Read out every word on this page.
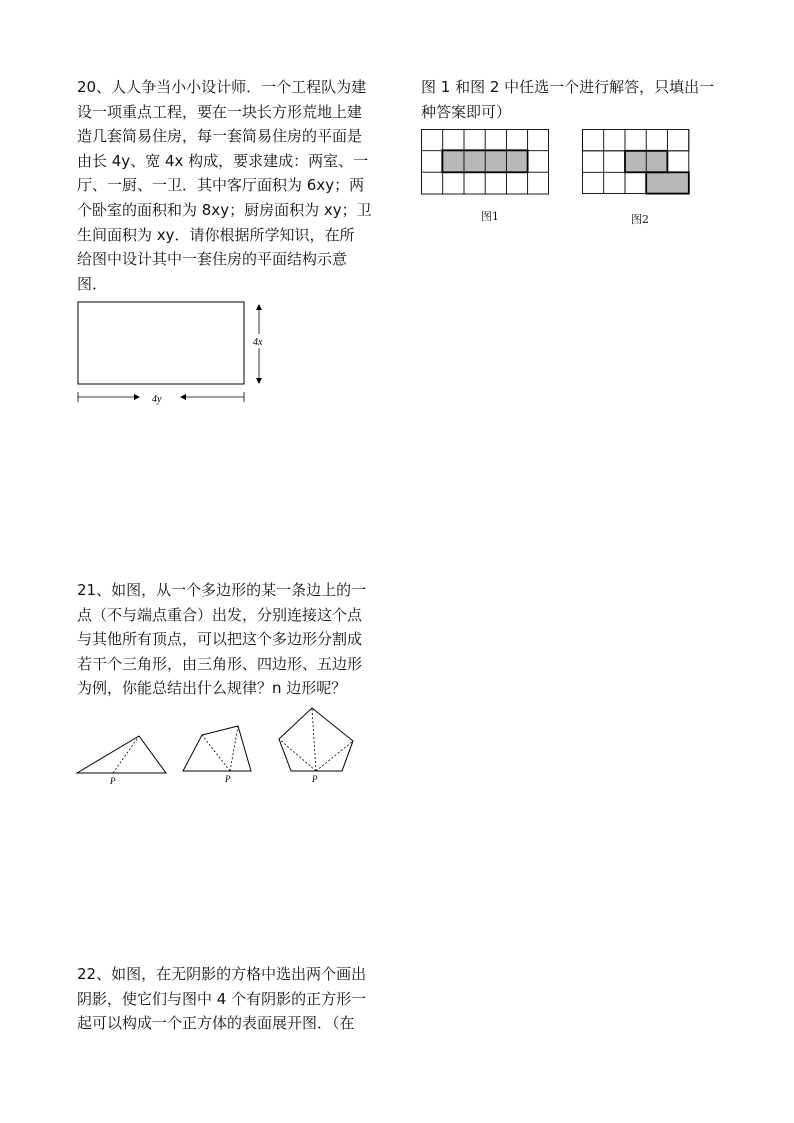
20、人人争当小小设计师．一个工程队为建
设一项重点工程，要在一块长方形荒地上建
造几套简易住房，每一套简易住房的平面是
由长 4y、宽 4x 构成，要求建成：两室、一
厅、一厨、一卫．其中客厅面积为 6xy；两
个卧室的面积和为 8xy；厨房面积为 xy；卫
生间面积为 xy．请你根据所学知识，在所
给图中设计其中一套住房的平面结构示意
图．

4x
4y

21、如图，从一个多边形的某一条边上的一
点（不与端点重合）出发，分别连接这个点
与其他所有顶点，可以把这个多边形分割成
若干个三角形，由三角形、四边形、五边形
为例，你能总结出什么规律？n 边形呢？

P	P	P

22、如图，在无阴影的方格中选出两个画出
阴影，使它们与图中 4 个有阴影的正方形一
起可以构成一个正方体的表面展开图．（在

图 1 和图 2 中任选一个进行解答，只填出一
种答案即可）

图1	图2
